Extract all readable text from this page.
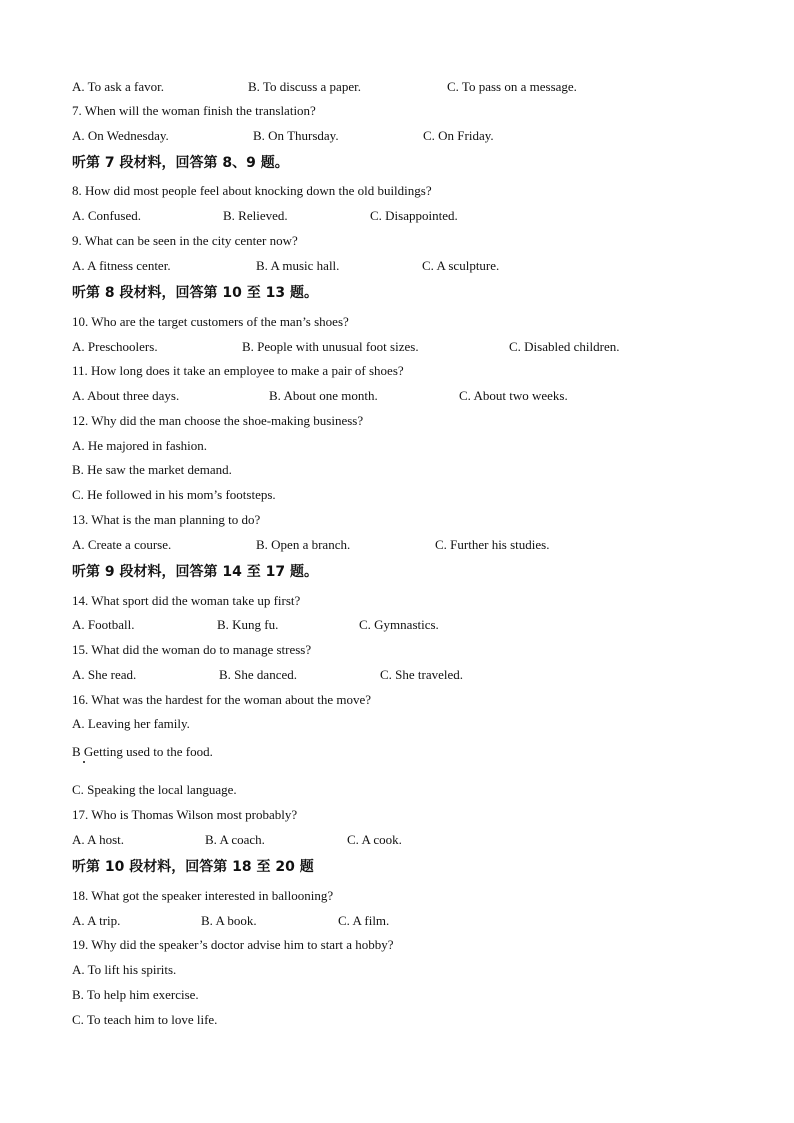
A. To ask a favor.	B. To discuss a paper.	C. To pass on a message.
7. When will the woman finish the translation?
A. On Wednesday.	B. On Thursday.	C. On Friday.
听第 7 段材料，回答第 8、9 题。
8. How did most people feel about knocking down the old buildings?
A. Confused.	B. Relieved.	C. Disappointed.
9. What can be seen in the city center now?
A. A fitness center.	B. A music hall.	C. A sculpture.
听第 8 段材料，回答第 10 至 13 题。
10. Who are the target customers of the man’s shoes?
A. Preschoolers.	B. People with unusual foot sizes.	C. Disabled children.
11. How long does it take an employee to make a pair of shoes?
A. About three days.	B. About one month.	C. About two weeks.
12. Why did the man choose the shoe-making business?
A. He majored in fashion.
B. He saw the market demand.
C. He followed in his mom’s footsteps.
13. What is the man planning to do?
A. Create a course.	B. Open a branch.	C. Further his studies.
听第 9 段材料，回答第 14 至 17 题。
14. What sport did the woman take up first?
A. Football.	B. Kung fu.	C. Gymnastics.
15. What did the woman do to manage stress?
A. She read.	B. She danced.	C. She traveled.
16. What was the hardest for the woman about the move?
A. Leaving her family.
B Getting used to the food.
C. Speaking the local language.
17. Who is Thomas Wilson most probably?
A. A host.	B. A coach.	C. A cook.
听第 10 段材料，回答第 18 至 20 题
18. What got the speaker interested in ballooning?
A. A trip.	B. A book.	C. A film.
19. Why did the speaker’s doctor advise him to start a hobby?
A. To lift his spirits.
B. To help him exercise.
C. To teach him to love life.
